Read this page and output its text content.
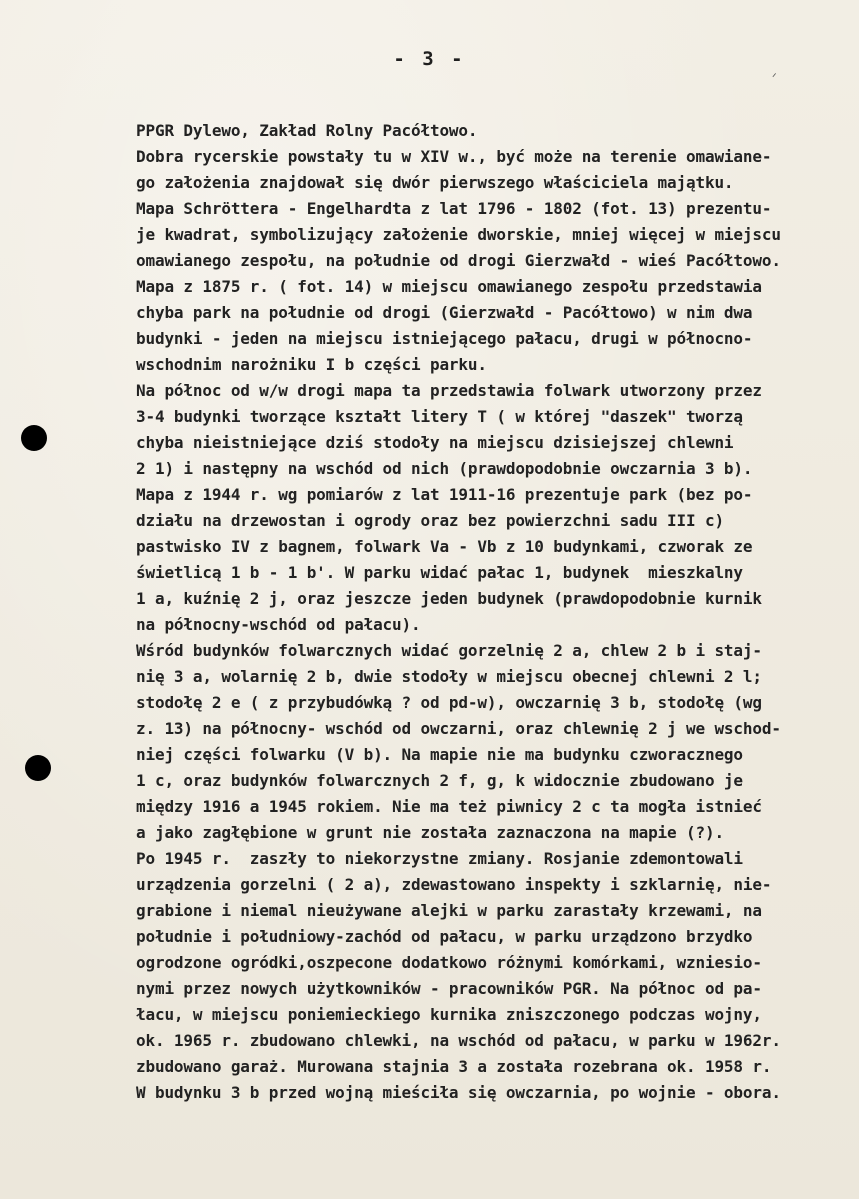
- 3 -
ᐟ
PPGR Dylewo, Zakład Rolny Pacółtowo.
Dobra rycerskie powstały tu w XIV w., być może na terenie omawiane-
go założenia znajdował się dwór pierwszego właściciela majątku.
Mapa Schröttera - Engelhardta z lat 1796 - 1802 (fot. 13) prezentu-
je kwadrat, symbolizujący założenie dworskie, mniej więcej w miejscu
omawianego zespołu, na południe od drogi Gierzwałd - wieś Pacółtowo.
Mapa z 1875 r. ( fot. 14) w miejscu omawianego zespołu przedstawia
chyba park na południe od drogi (Gierzwałd - Pacółtowo) w nim dwa
budynki - jeden na miejscu istniejącego pałacu, drugi w północno-
wschodnim narożniku I b części parku.
Na północ od w/w drogi mapa ta przedstawia folwark utworzony przez
3-4 budynki tworzące kształt litery T ( w której "daszek" tworzą
chyba nieistniejące dziś stodoły na miejscu dzisiejszej chlewni
2 1) i następny na wschód od nich (prawdopodobnie owczarnia 3 b).
Mapa z 1944 r. wg pomiarów z lat 1911-16 prezentuje park (bez po-
działu na drzewostan i ogrody oraz bez powierzchni sadu III c)
pastwisko IV z bagnem, folwark Va - Vb z 10 budynkami, czworak ze
świetlicą 1 b - 1 b'. W parku widać pałac 1, budynek  mieszkalny
1 a, kuźnię 2 j, oraz jeszcze jeden budynek (prawdopodobnie kurnik
na północny-wschód od pałacu).
Wśród budynków folwarcznych widać gorzelnię 2 a, chlew 2 b i staj-
nię 3 a, wolarnię 2 b, dwie stodoły w miejscu obecnej chlewni 2 l;
stodołę 2 e ( z przybudówką ? od pd-w), owczarnię 3 b, stodołę (wg
z. 13) na północny- wschód od owczarni, oraz chlewnię 2 j we wschod-
niej części folwarku (V b). Na mapie nie ma budynku czworacznego
1 c, oraz budynków folwarcznych 2 f, g, k widocznie zbudowano je
między 1916 a 1945 rokiem. Nie ma też piwnicy 2 c ta mogła istnieć
a jako zagłębione w grunt nie została zaznaczona na mapie (?).
Po 1945 r.  zaszły to niekorzystne zmiany. Rosjanie zdemontowali
urządzenia gorzelni ( 2 a), zdewastowano inspekty i szklarnię, nie-
grabione i niemal nieużywane alejki w parku zarastały krzewami, na
południe i południowy-zachód od pałacu, w parku urządzono brzydko
ogrodzone ogródki,oszpecone dodatkowo różnymi komórkami, wzniesio-
nymi przez nowych użytkowników - pracowników PGR. Na północ od pa-
łacu, w miejscu poniemieckiego kurnika zniszczonego podczas wojny,
ok. 1965 r. zbudowano chlewki, na wschód od pałacu, w parku w 1962r.
zbudowano garaż. Murowana stajnia 3 a została rozebrana ok. 1958 r.
W budynku 3 b przed wojną mieściła się owczarnia, po wojnie - obora.
